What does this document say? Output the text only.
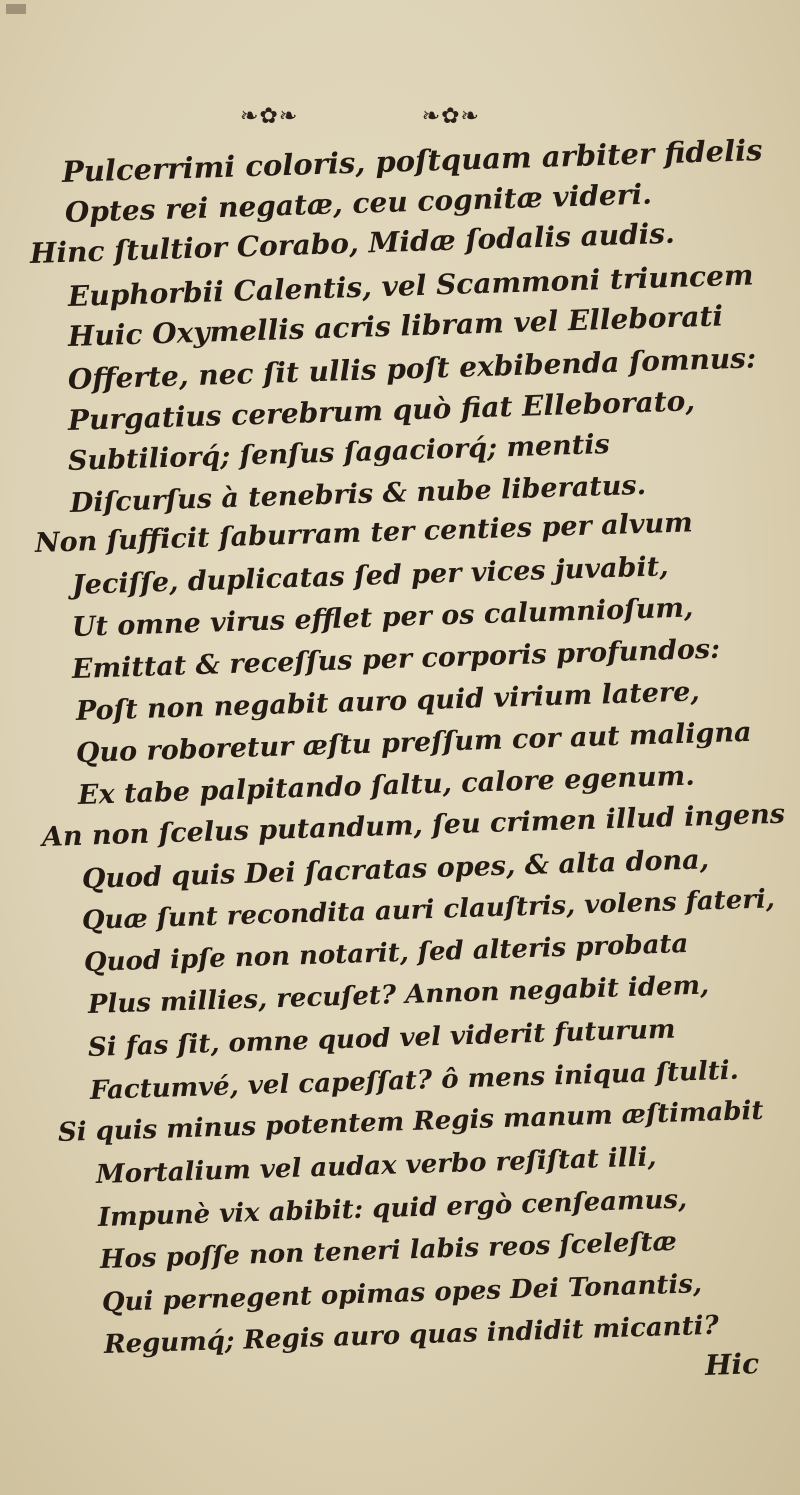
❧✿❧	❧✿❧
Pulcerrimi coloris, poſtquam arbiter fidelis
Optes rei negatæ, ceu cognitæ videri.
Hinc ſtultior Corabo, Midæ ſodalis audis.
Euphorbii Calentis, vel Scammoni triuncem
Huic Oxymellis acris libram vel Elleborati
Offerte, nec ſit ullis poſt exbibenda ſomnus:
Purgatius cerebrum quò fiat Elleborato,
Subtiliorq́; ſenſus ſagaciorq́; mentis
Diſcurſus à tenebris & nube liberatus.
Non ſufficit ſaburram ter centies per alvum
Jeciſſe, duplicatas ſed per vices juvabit,
Ut omne virus efflet per os calumnioſum,
Emittat & receſſus per corporis profundos:
Poſt non negabit auro quid virium latere,
Quo roboretur æſtu preſſum cor aut maligna
Ex tabe palpitando ſaltu, calore egenum.
An non ſcelus putandum, ſeu crimen illud ingens
Quod quis Dei ſacratas opes, & alta dona,
Quæ ſunt recondita auri clauſtris, volens fateri,
Quod ipſe non notarit, ſed alteris probata
Plus millies, recuſet? Annon negabit idem,
Si fas ſit, omne quod vel viderit futurum
Factumvé, vel capeſſat? ô mens iniqua ſtulti.
Si quis minus potentem Regis manum æſtimabit
Mortalium vel audax verbo reſiſtat illi,
Impunè vix abibit: quid ergò cenſeamus,
Hos poſſe non teneri labis reos ſceleſtæ
Qui pernegent opimas opes Dei Tonantis,
Regumq́; Regis auro quas indidit micanti?
Hic
